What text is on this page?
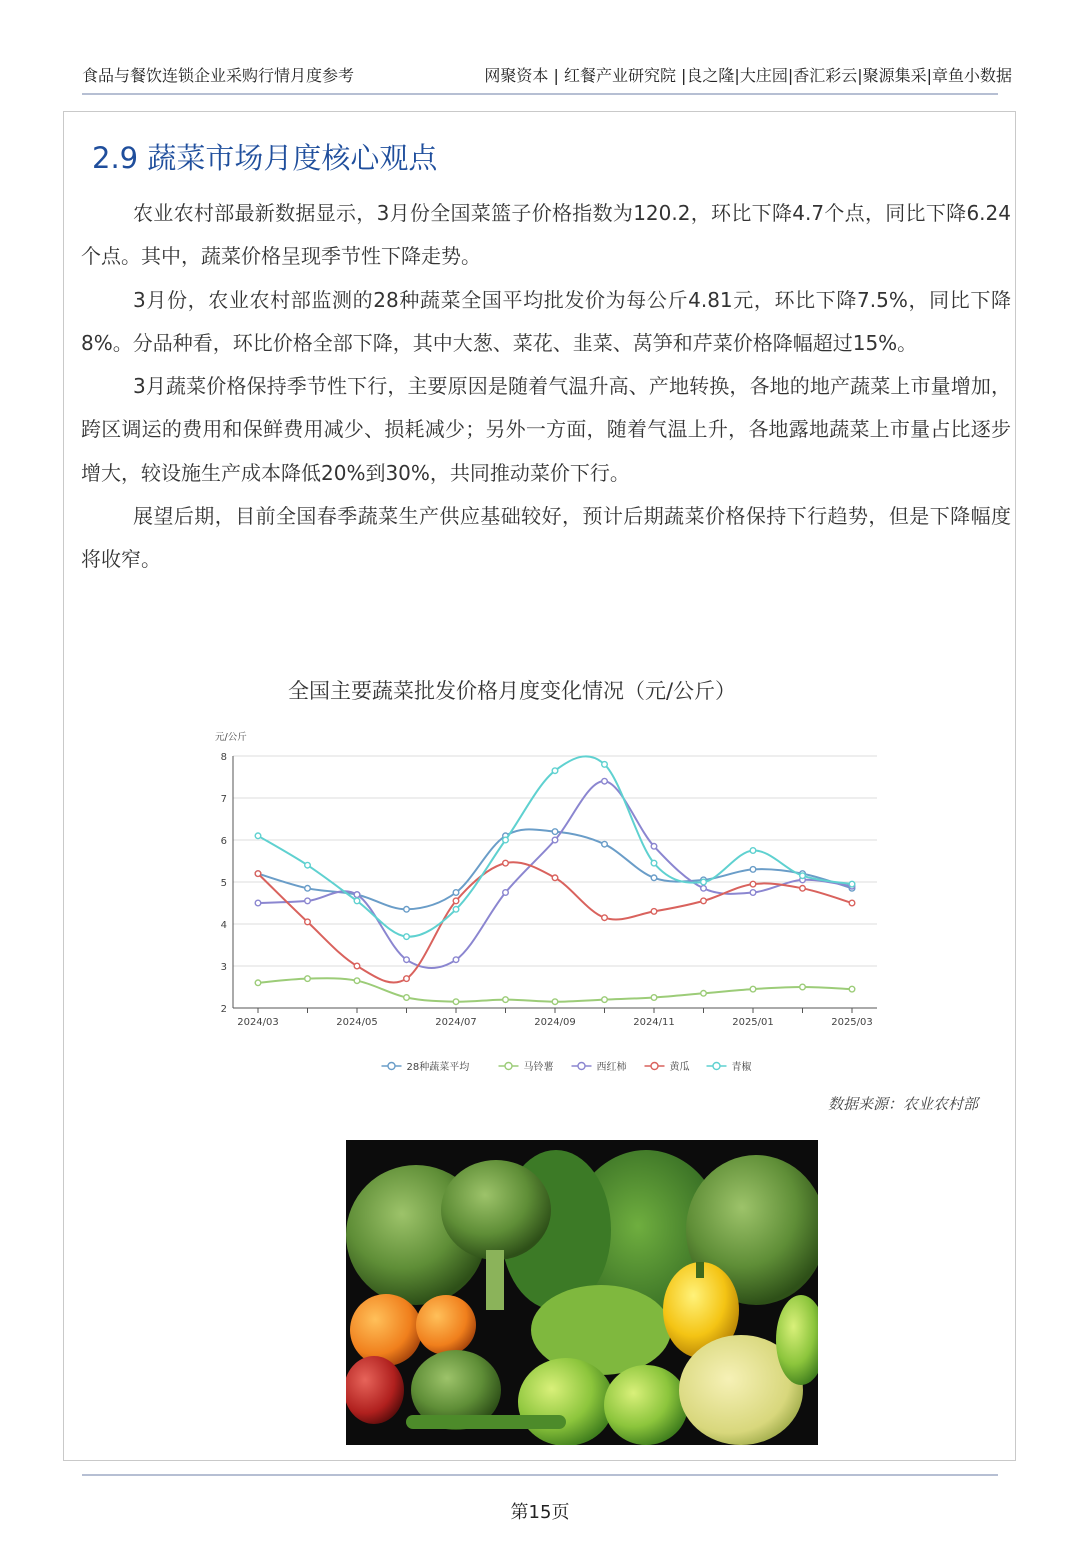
食品与餐饮连锁企业采购行情月度参考	网聚资本 | 红餐产业研究院 |良之隆|大庄园|香汇彩云|聚源集采|章鱼小数据
2.9 蔬菜市场月度核心观点

农业农村部最新数据显示，3月份全国菜篮子价格指数为120.2，环比下降4.7个点，同比下降6.24个点。其中，蔬菜价格呈现季节性下降走势。

3月份，农业农村部监测的28种蔬菜全国平均批发价为每公斤4.81元，环比下降7.5%，同比下降8%。分品种看，环比价格全部下降，其中大葱、菜花、韭菜、莴笋和芹菜价格降幅超过15%。

3月蔬菜价格保持季节性下行，主要原因是随着气温升高、产地转换，各地的地产蔬菜上市量增加，跨区调运的费用和保鲜费用减少、损耗减少；另外一方面，随着气温上升，各地露地蔬菜上市量占比逐步增大，较设施生产成本降低20%到30%，共同推动菜价下行。

展望后期，目前全国春季蔬菜生产供应基础较好，预计后期蔬菜价格保持下行趋势，但是下降幅度将收窄。

全国主要蔬菜批发价格月度变化情况（元/公斤）
2
3
4
5
6
7
8
元/公斤
2024/03	2024/05	2024/07	2024/09	2024/11	2025/01	2025/03
28种蔬菜平均	马铃薯	西红柿	黄瓜	青椒
数据来源：农业农村部
第15页
